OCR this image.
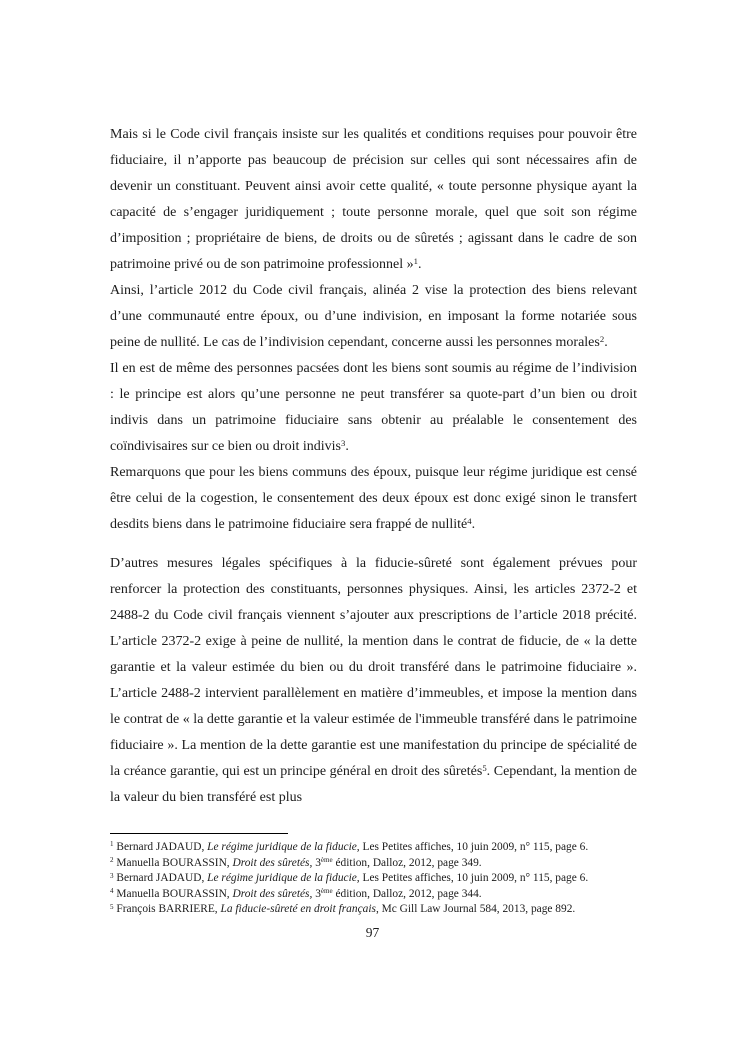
Mais si le Code civil français insiste sur les qualités et conditions requises pour pouvoir être fiduciaire, il n’apporte pas beaucoup de précision sur celles qui sont nécessaires afin de devenir un constituant. Peuvent ainsi avoir cette qualité, « toute personne physique ayant la capacité de s’engager juridiquement ; toute personne morale, quel que soit son régime d’imposition ; propriétaire de biens, de droits ou de sûretés ; agissant dans le cadre de son patrimoine privé ou de son patrimoine professionnel »$^1$.

Ainsi, l’article 2012 du Code civil français, alinéa 2 vise la protection des biens relevant d’une communauté entre époux, ou d’une indivision, en imposant la forme notariée sous peine de nullité. Le cas de l’indivision cependant, concerne aussi les personnes morales$^2$.

Il en est de même des personnes pacsées dont les biens sont soumis au régime de l’indivision : le principe est alors qu’une personne ne peut transférer sa quote-part d’un bien ou droit indivis dans un patrimoine fiduciaire sans obtenir au préalable le consentement des coïndivisaires sur ce bien ou droit indivis$^3$.

Remarquons que pour les biens communs des époux, puisque leur régime juridique est censé être celui de la cogestion, le consentement des deux époux est donc exigé sinon le transfert desdits biens dans le patrimoine fiduciaire sera frappé de nullité$^4$.

D’autres mesures légales spécifiques à la fiducie-sûreté sont également prévues pour renforcer la protection des constituants, personnes physiques. Ainsi, les articles 2372-2 et 2488-2 du Code civil français viennent s’ajouter aux prescriptions de l’article 2018 précité. L’article 2372-2 exige à peine de nullité, la mention dans le contrat de fiducie, de « la dette garantie et la valeur estimée du bien ou du droit transféré dans le patrimoine fiduciaire ». L’article 2488-2 intervient parallèlement en matière d’immeubles, et impose la mention dans le contrat de « la dette garantie et la valeur estimée de l'immeuble transféré dans le patrimoine fiduciaire ». La mention de la dette garantie est une manifestation du principe de spécialité de la créance garantie, qui est un principe général en droit des sûretés$^5$. Cependant, la mention de la valeur du bien transféré est plus

$^1$ Bernard JADAUD, Le régime juridique de la fiducie, Les Petites affiches, 10 juin 2009, n° 115, page 6.
$^2$ Manuella BOURASSIN, Droit des sûretés, 3ème édition, Dalloz, 2012, page 349.
$^3$ Bernard JADAUD, Le régime juridique de la fiducie, Les Petites affiches, 10 juin 2009, n° 115, page 6.
$^4$ Manuella BOURASSIN, Droit des sûretés, 3ème édition, Dalloz, 2012, page 344.
$^5$ François BARRIERE, La fiducie-sûreté en droit français, Mc Gill Law Journal 584, 2013, page 892.
97
